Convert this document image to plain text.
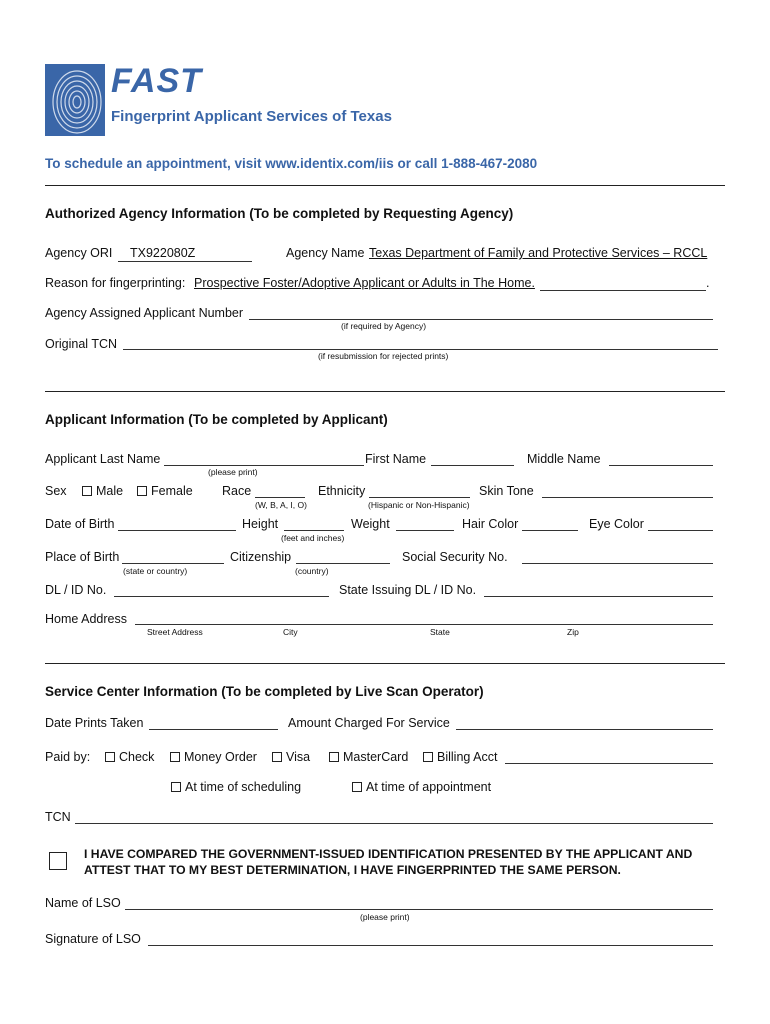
FAST
Fingerprint Applicant Services of Texas
To schedule an appointment, visit www.identix.com/iis or call 1-888-467-2080
Authorized Agency Information (To be completed by Requesting Agency)
Agency ORI TX922080Z	Agency Name Texas Department of Family and Protective Services – RCCL
Reason for fingerprinting: Prospective Foster/Adoptive Applicant or Adults in The Home.	.
Agency Assigned Applicant Number
(if required by Agency)
Original TCN
(if resubmission for rejected prints)
Applicant Information (To be completed by Applicant)
Applicant Last Name
(please print)
First Name	Middle Name
Sex	Male	Female Race
(W, B, A, I, O)
Ethnicity
(Hispanic or Non-Hispanic)
Skin Tone
Date of Birth	Height
(feet and inches)
Weight	Hair Color	Eye Color
Place of Birth
(state or country)
Citizenship
(country)
Social Security No.
DL / ID No.	State Issuing DL / ID No.
Home Address
Street Address	City	State	Zip
Service Center Information (To be completed by Live Scan Operator)
Date Prints Taken	Amount Charged For Service
Paid by:	Check	Money Order	Visa	MasterCard	Billing Acct
At time of scheduling	At time of appointment
TCN
I HAVE COMPARED THE GOVERNMENT-ISSUED IDENTIFICATION PRESENTED BY THE APPLICANT AND
ATTEST THAT TO MY BEST DETERMINATION, I HAVE FINGERPRINTED THE SAME PERSON.
Name of LSO
(please print)
Signature of LSO
